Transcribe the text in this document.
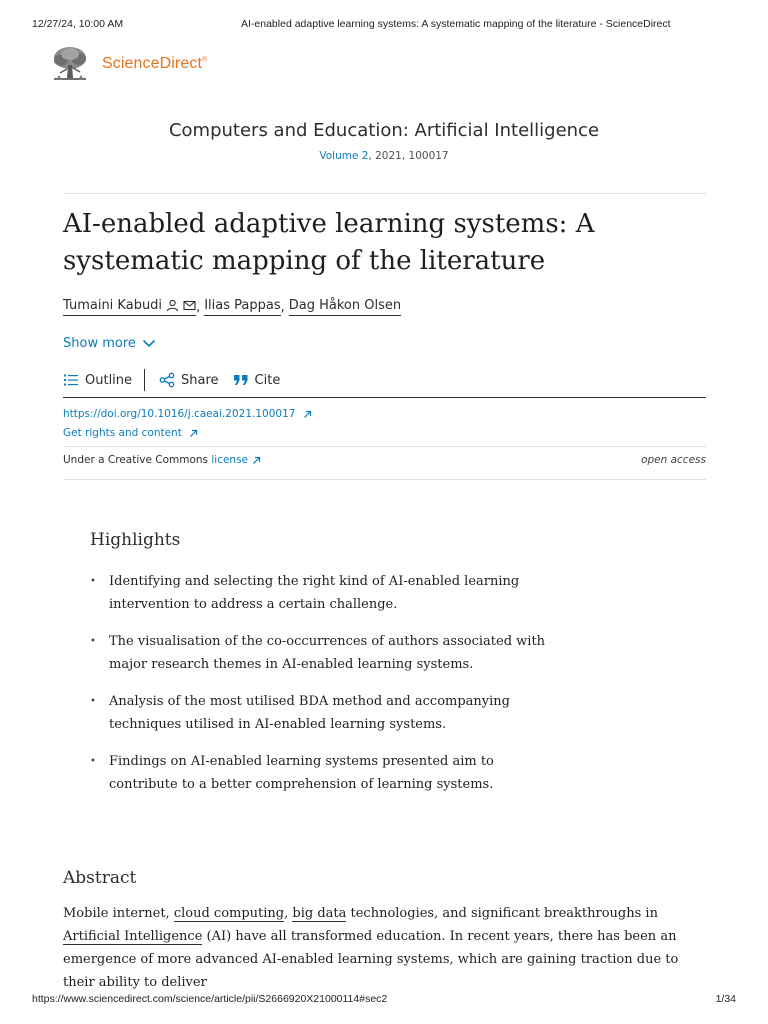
12/27/24, 10:00 AM	AI-enabled adaptive learning systems: A systematic mapping of the literature - ScienceDirect
ScienceDirect®
Computers and Education: Artificial Intelligence
Volume 2, 2021, 100017
AI-enabled adaptive learning systems: A systematic mapping of the literature
Tumaini Kabudi	, Ilias Pappas , Dag Håkon Olsen
Show more
Outline	Share	Cite
https://doi.org/10.1016/j.caeai.2021.100017
Get rights and content
Under a Creative Commons license	open access
Highlights
• Identifying and selecting the right kind of AI-enabled learning intervention to address a certain challenge.
• The visualisation of the co-occurrences of authors associated with major research themes in AI-enabled learning systems.
• Analysis of the most utilised BDA method and accompanying techniques utilised in AI-enabled learning systems.
• Findings on AI-enabled learning systems presented aim to contribute to a better comprehension of learning systems.
Abstract

Mobile internet, cloud computing, big data technologies, and significant breakthroughs in Artificial Intelligence (AI) have all transformed education. In recent years, there has been an emergence of more advanced AI-enabled learning systems, which are gaining traction due to their ability to deliver

https://www.sciencedirect.com/science/article/pii/S2666920X21000114#sec2	1/34
